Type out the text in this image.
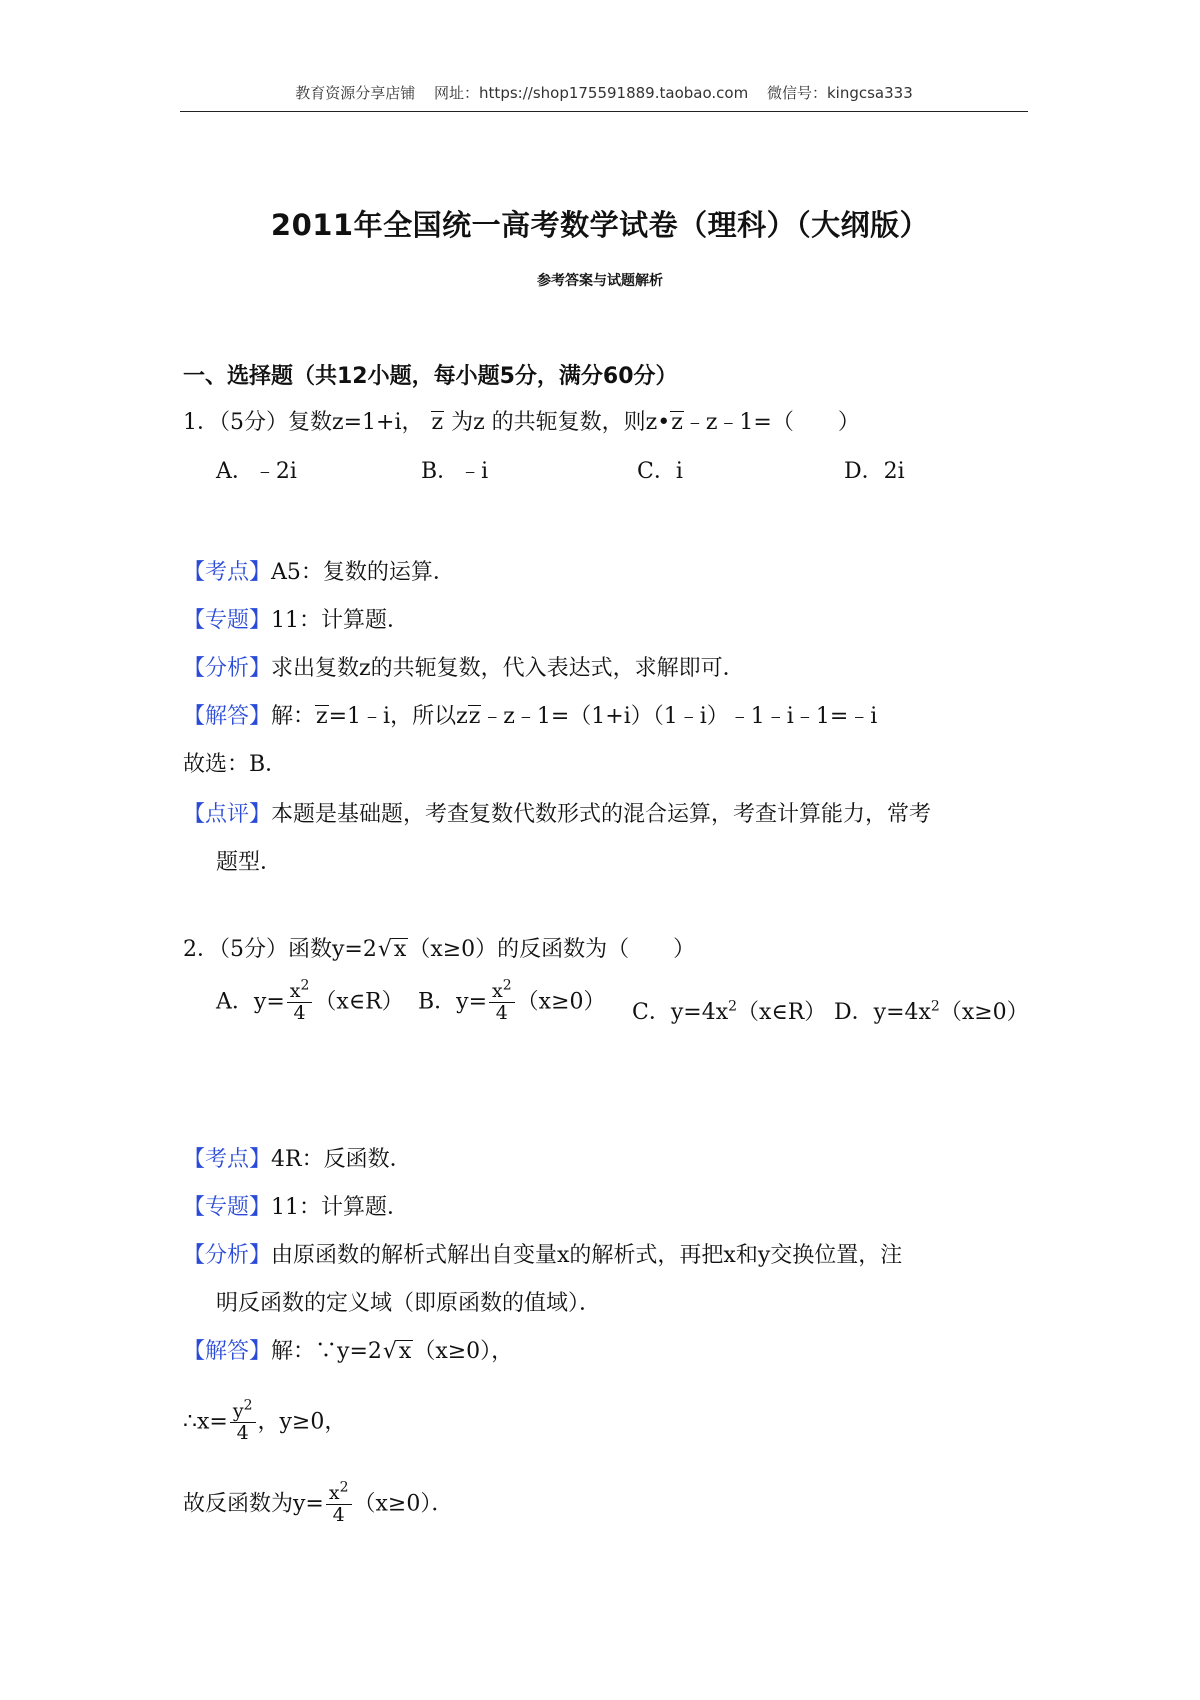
教育资源分享店铺 网址：https://shop175591889.taobao.com 微信号：kingcsa333
2011年全国统一高考数学试卷（理科）（大纲版）
参考答案与试题解析
一、选择题（共12小题，每小题5分，满分60分）
1．（5分）复数z=1+i， z 为z 的共轭复数，则z•z﹣z﹣1=（　　）
A．﹣2i	B．﹣i	C．i	D．2i
【考点】A5：复数的运算．
【专题】11：计算题．
【分析】求出复数z的共轭复数，代入表达式，求解即可．
【解答】解：z=1﹣i，所以zz﹣z﹣1=（1+i）（1﹣i）﹣1﹣i﹣1=﹣i
故选：B．
【点评】本题是基础题，考查复数代数形式的混合运算，考查计算能力，常考
题型．
2．（5分）函数y=2√x（x≥0）的反函数为（　　）
A．$y= \frac{x^2}{4}$ （x∈R） B．$y= \frac{x^2}{4} (x\ge 0)$ C．$y=4x^2(x\in R)$ D．$y=4x^2(x\ge 0)$
【考点】4R：反函数．
【专题】11：计算题．
【分析】由原函数的解析式解出自变量x的解析式，再把x和y交换位置，注
明反函数的定义域（即原函数的值域）．
【解答】解：∵y=2√x（x≥0），
∴x= $\frac{y^2}{4}$ ，y≥0，
故反函数为$y= \frac{x^2}{4} (x\ge 0)$．
